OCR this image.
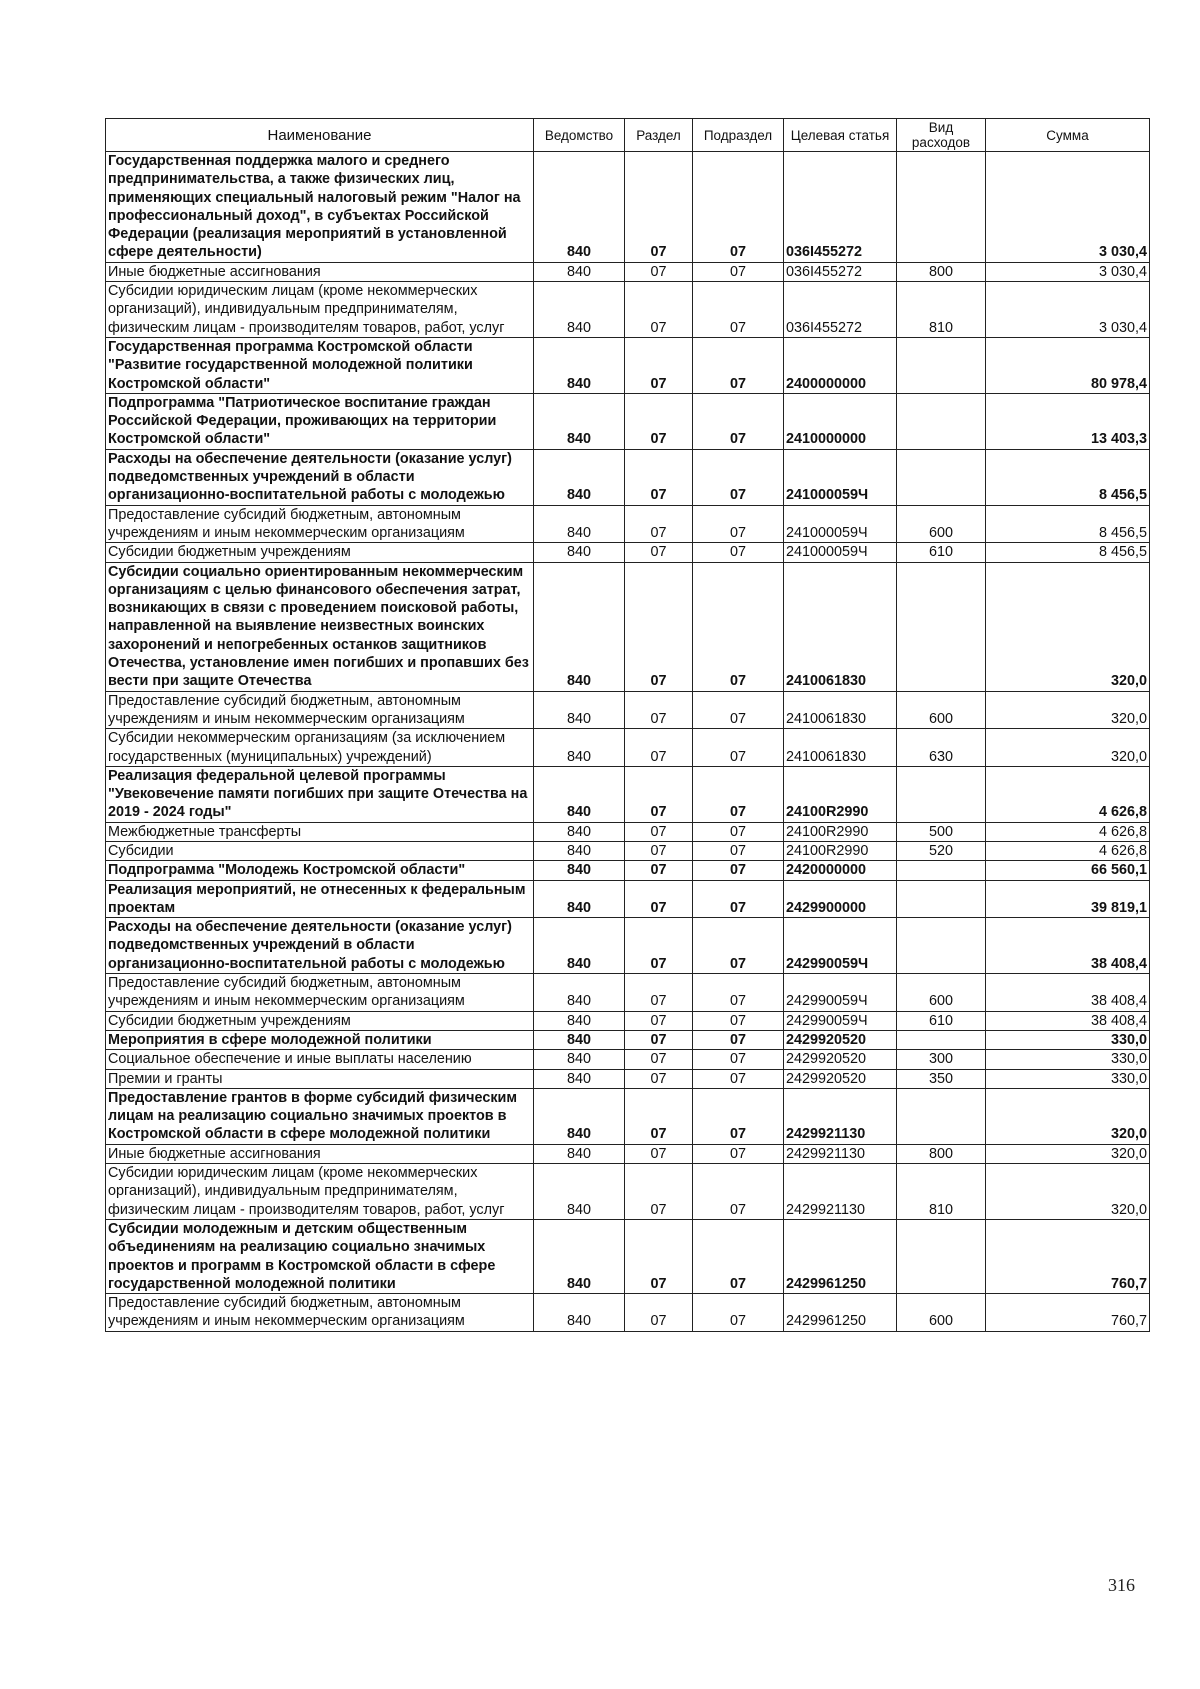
Наименование	Ведомство	Раздел	Подраздел	Целевая статья	Вид расходов	Сумма
Государственная поддержка малого и среднего предпринимательства, а также физических лиц, применяющих специальный налоговый режим "Налог на профессиональный доход", в субъектах Российской Федерации (реализация мероприятий в установленной сфере деятельности)	840	07	07	036I455272		3 030,4
Иные бюджетные ассигнования	840	07	07	036I455272	800	3 030,4
Субсидии юридическим лицам (кроме некоммерческих организаций), индивидуальным предпринимателям, физическим лицам - производителям товаров, работ, услуг	840	07	07	036I455272	810	3 030,4
Государственная программа Костромской области "Развитие государственной молодежной политики Костромской области"	840	07	07	2400000000		80 978,4
Подпрограмма "Патриотическое воспитание граждан Российской Федерации, проживающих на территории Костромской области"	840	07	07	2410000000		13 403,3
Расходы на обеспечение деятельности (оказание услуг) подведомственных учреждений в области организационно-воспитательной работы с молодежью	840	07	07	241000059Ч		8 456,5
Предоставление субсидий бюджетным, автономным учреждениям и иным некоммерческим организациям	840	07	07	241000059Ч	600	8 456,5
Субсидии бюджетным учреждениям	840	07	07	241000059Ч	610	8 456,5
Субсидии социально ориентированным некоммерческим организациям с целью финансового обеспечения затрат, возникающих в связи с проведением поисковой работы, направленной на выявление неизвестных воинских захоронений и непогребенных останков защитников Отечества, установление имен погибших и пропавших без вести при защите Отечества	840	07	07	2410061830		320,0
Предоставление субсидий бюджетным, автономным учреждениям и иным некоммерческим организациям	840	07	07	2410061830	600	320,0
Субсидии некоммерческим организациям (за исключением государственных (муниципальных) учреждений)	840	07	07	2410061830	630	320,0
Реализация федеральной целевой программы "Увековечение памяти погибших при защите Отечества на 2019 - 2024 годы"	840	07	07	24100R2990		4 626,8
Межбюджетные трансферты	840	07	07	24100R2990	500	4 626,8
Субсидии	840	07	07	24100R2990	520	4 626,8
Подпрограмма "Молодежь Костромской области"	840	07	07	2420000000		66 560,1
Реализация мероприятий, не отнесенных к федеральным проектам	840	07	07	2429900000		39 819,1
Расходы на обеспечение деятельности (оказание услуг) подведомственных учреждений в области организационно-воспитательной работы с молодежью	840	07	07	242990059Ч		38 408,4
Предоставление субсидий бюджетным, автономным учреждениям и иным некоммерческим организациям	840	07	07	242990059Ч	600	38 408,4
Субсидии бюджетным учреждениям	840	07	07	242990059Ч	610	38 408,4
Мероприятия в сфере молодежной политики	840	07	07	2429920520		330,0
Социальное обеспечение и иные выплаты населению	840	07	07	2429920520	300	330,0
Премии и гранты	840	07	07	2429920520	350	330,0
Предоставление грантов в форме субсидий физическим лицам на реализацию социально значимых проектов в Костромской области в сфере молодежной политики	840	07	07	2429921130		320,0
Иные бюджетные ассигнования	840	07	07	2429921130	800	320,0
Субсидии юридическим лицам (кроме некоммерческих организаций), индивидуальным предпринимателям, физическим лицам - производителям товаров, работ, услуг	840	07	07	2429921130	810	320,0
Субсидии молодежным и детским общественным объединениям на реализацию социально значимых проектов и программ в Костромской области в сфере государственной молодежной политики	840	07	07	2429961250		760,7
Предоставление субсидий бюджетным, автономным учреждениям и иным некоммерческим организациям	840	07	07	2429961250	600	760,7
316
